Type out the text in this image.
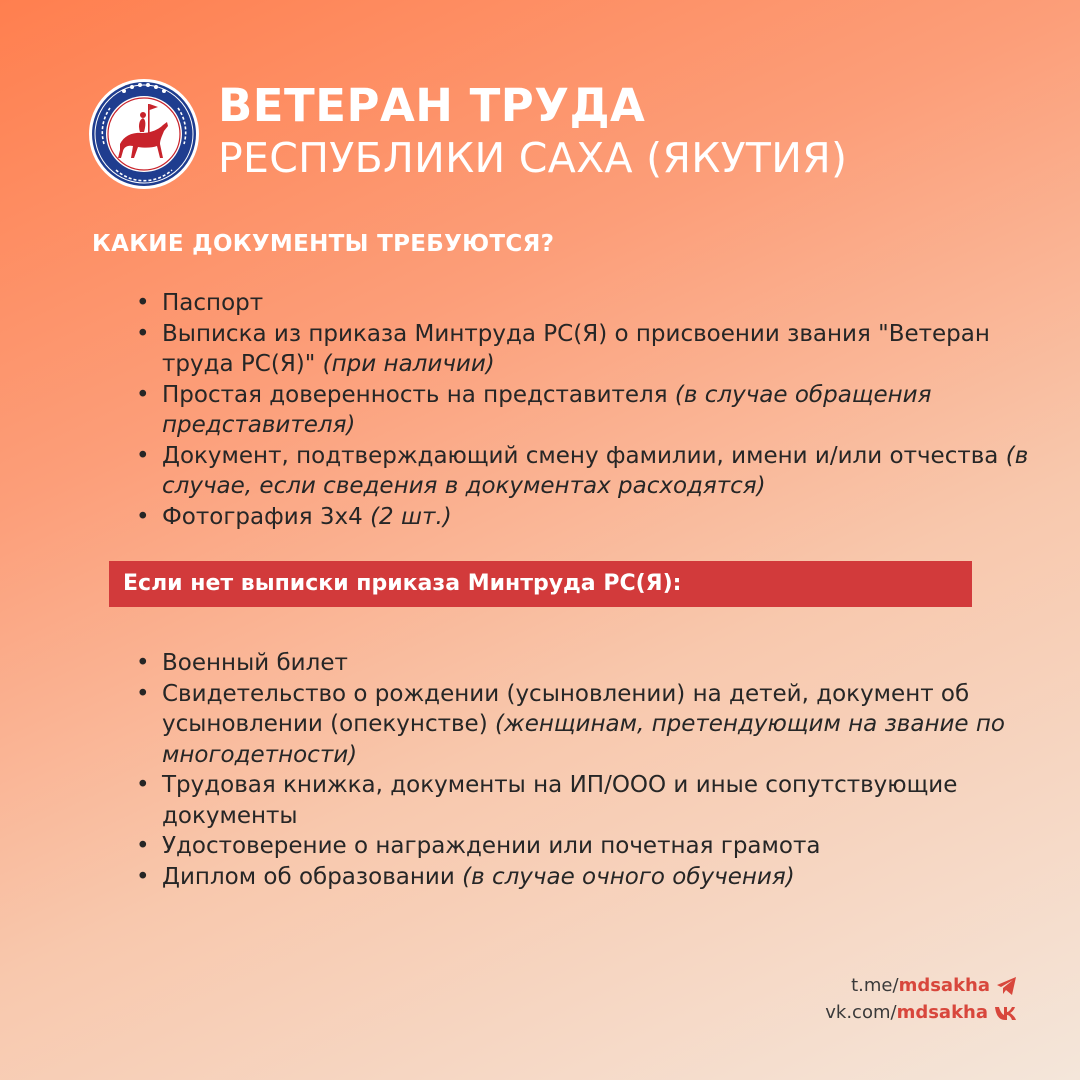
ВЕТЕРАН ТРУДА
РЕСПУБЛИКИ САХА (ЯКУТИЯ)
КАКИЕ ДОКУМЕНТЫ ТРЕБУЮТСЯ?
• Паспорт
• Выписка из приказа Минтруда РС(Я) о присвоении звания "Ветеран труда РС(Я)" (при наличии)
• Простая доверенность на представителя (в случае обращения представителя)
• Документ, подтверждающий смену фамилии, имени и/или отчества (в случае, если сведения в документах расходятся)
• Фотография 3х4 (2 шт.)
Если нет выписки приказа Минтруда РС(Я):
• Военный билет
• Свидетельство о рождении (усыновлении) на детей, документ об усыновлении (опекунстве) (женщинам, претендующим на звание по многодетности)
• Трудовая книжка, документы на ИП/ООО и иные сопутствующие документы
• Удостоверение о награждении или почетная грамота
• Диплом об образовании (в случае очного обучения)
t.me/mdsakha
vk.com/mdsakha
